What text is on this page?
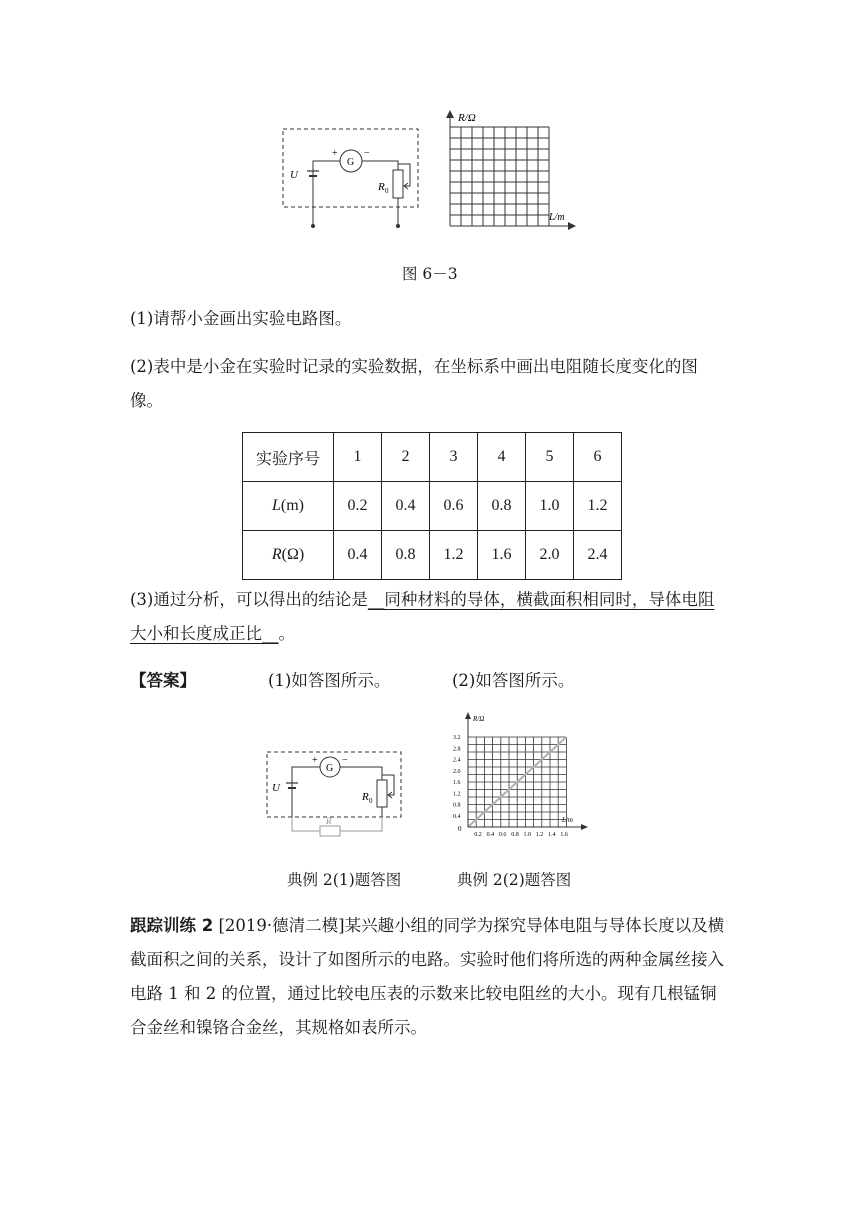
U
G
+	−
R 0
R/Ω
L/m
图 6－3
(1)请帮小金画出实验电路图。
(2)表中是小金在实验时记录的实验数据，在坐标系中画出电阻随长度变化的图像。
实验序号	1	2	3	4	5	6
L(m)	0.2	0.4	0.6	0.8	1.0	1.2
R(Ω)	0.4	0.8	1.2	1.6	2.0	2.4
(3)通过分析，可以得出的结论是__同种材料的导体，横截面积相同时，导体电阻大小和长度成正比__。
【答案】	(1)如答图所示。	(2)如答图所示。
U
G
+ −
R 0
R
0.2 0.4 0.6 0.8 1.0 1.2 1.4 1.6
0.4
0.8
1.2
1.6
2.0
2.4
2.8
3.2
R/Ω
L/m
0
典例 2(1)题答图	典例 2(2)题答图
跟踪训练 2 [2019·德清二模]某兴趣小组的同学为探究导体电阻与导体长度以及横截面积之间的关系，设计了如图所示的电路。实验时他们将所选的两种金属丝接入电路 1 和 2 的位置，通过比较电压表的示数来比较电阻丝的大小。现有几根锰铜合金丝和镍铬合金丝，其规格如表所示。
